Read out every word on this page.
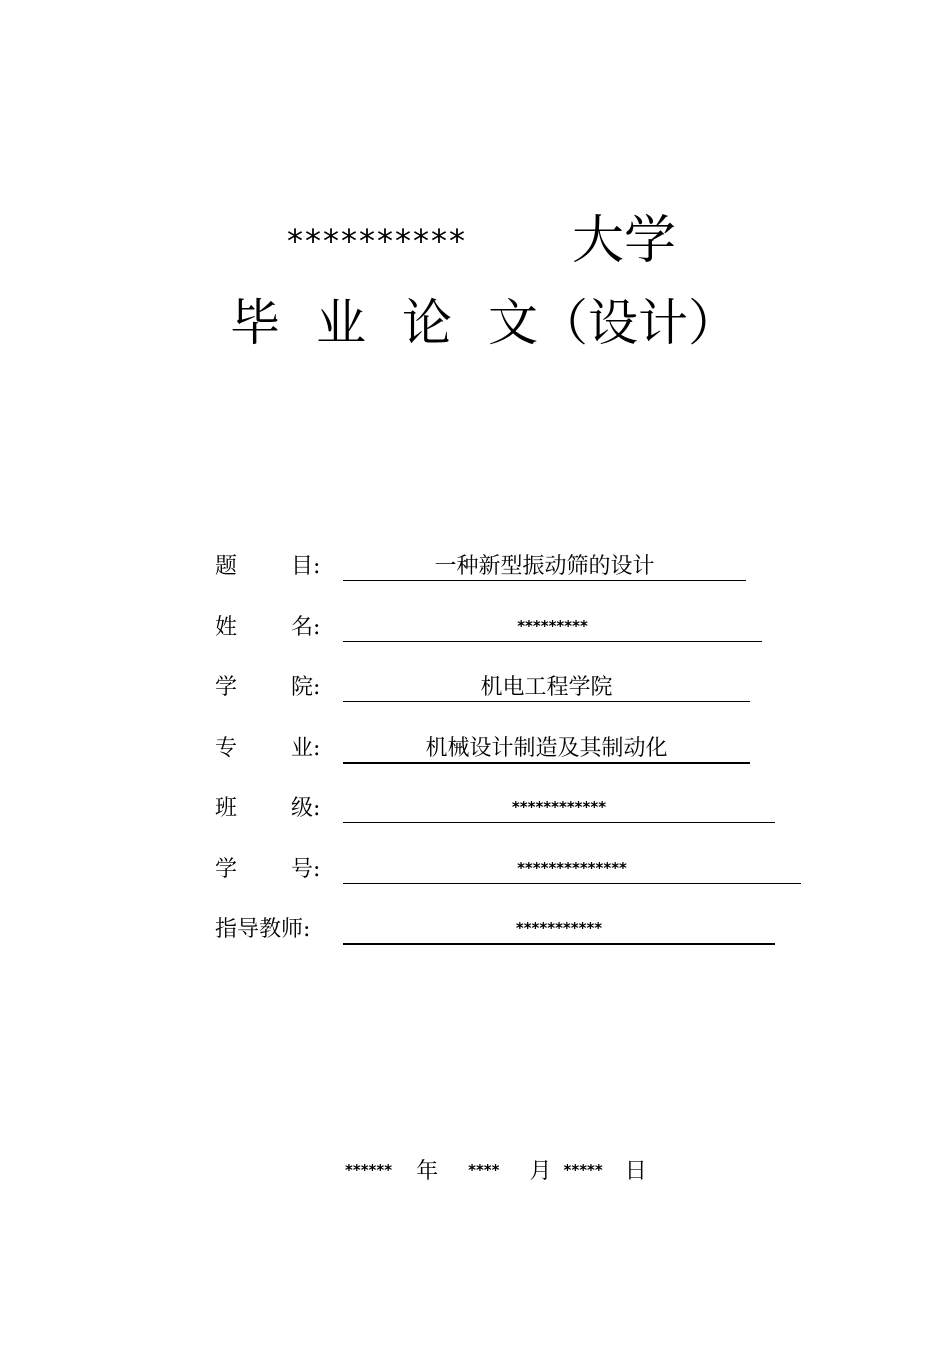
********** 大学
毕 业 论 文（设计）
题 目:	一种新型振动筛的设计
姓 名:	*********
学 院:	机电工程学院
专 业:	机械设计制造及其制动化
班 级:	************
学 号:	**************
指导教师:	***********
****** 年 **** 月 ***** 日
